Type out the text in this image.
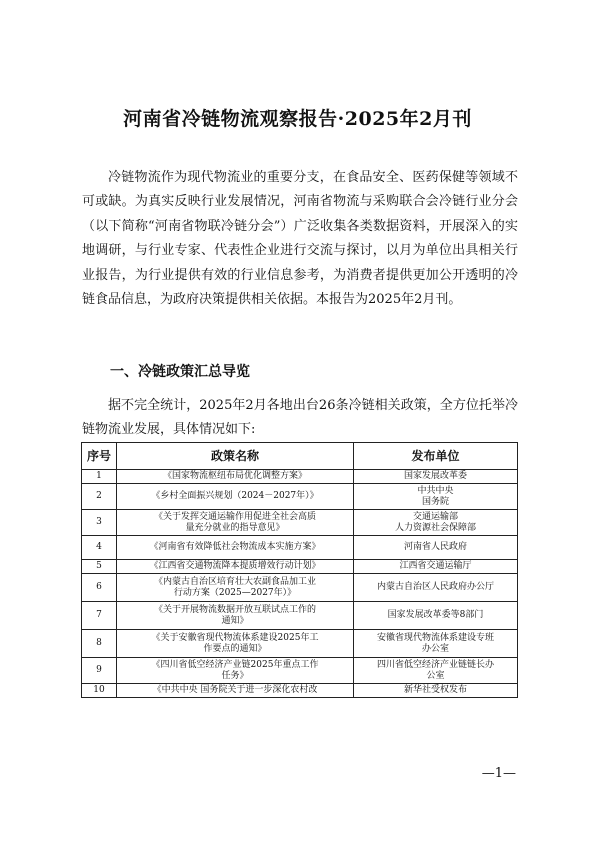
河南省冷链物流观察报告·2025年2月刊

冷链物流作为现代物流业的重要分支，在食品安全、医药保健等领域不可或缺。为真实反映行业发展情况，河南省物流与采购联合会冷链行业分会（以下简称“河南省物联冷链分会”）广泛收集各类数据资料，开展深入的实地调研，与行业专家、代表性企业进行交流与探讨，以月为单位出具相关行业报告，为行业提供有效的行业信息参考，为消费者提供更加公开透明的冷链食品信息，为政府决策提供相关依据。本报告为2025年2月刊。

一、冷链政策汇总导览

据不完全统计，2025年2月各地出台26条冷链相关政策，全方位托举冷链物流业发展，具体情况如下:

序号	政策名称	发布单位
1	《国家物流枢纽布局优化调整方案》	国家发展改革委

2	《乡村全面振兴规划（2024－2027年）》	中共中央
国务院

3	《关于发挥交通运输作用促进全社会高质
量充分就业的指导意见》	交通运输部
人力资源社会保障部

4	《河南省有效降低社会物流成本实施方案》	河南省人民政府

5	《江西省交通物流降本提质增效行动计划》	江西省交通运输厅

6	《内蒙古自治区培育壮大农副食品加工业
行动方案（2025—2027年）》	内蒙古自治区人民政府办公厅

7	《关于开展物流数据开放互联试点工作的
通知》	国家发展改革委等8部门

8	《关于安徽省现代物流体系建设2025年工
作要点的通知》	安徽省现代物流体系建设专班
办公室

9	《四川省低空经济产业链2025年重点工作
任务》	四川省低空经济产业链链长办
公室

10	《中共中央 国务院关于进一步深化农村改	新华社受权发布
—1—
